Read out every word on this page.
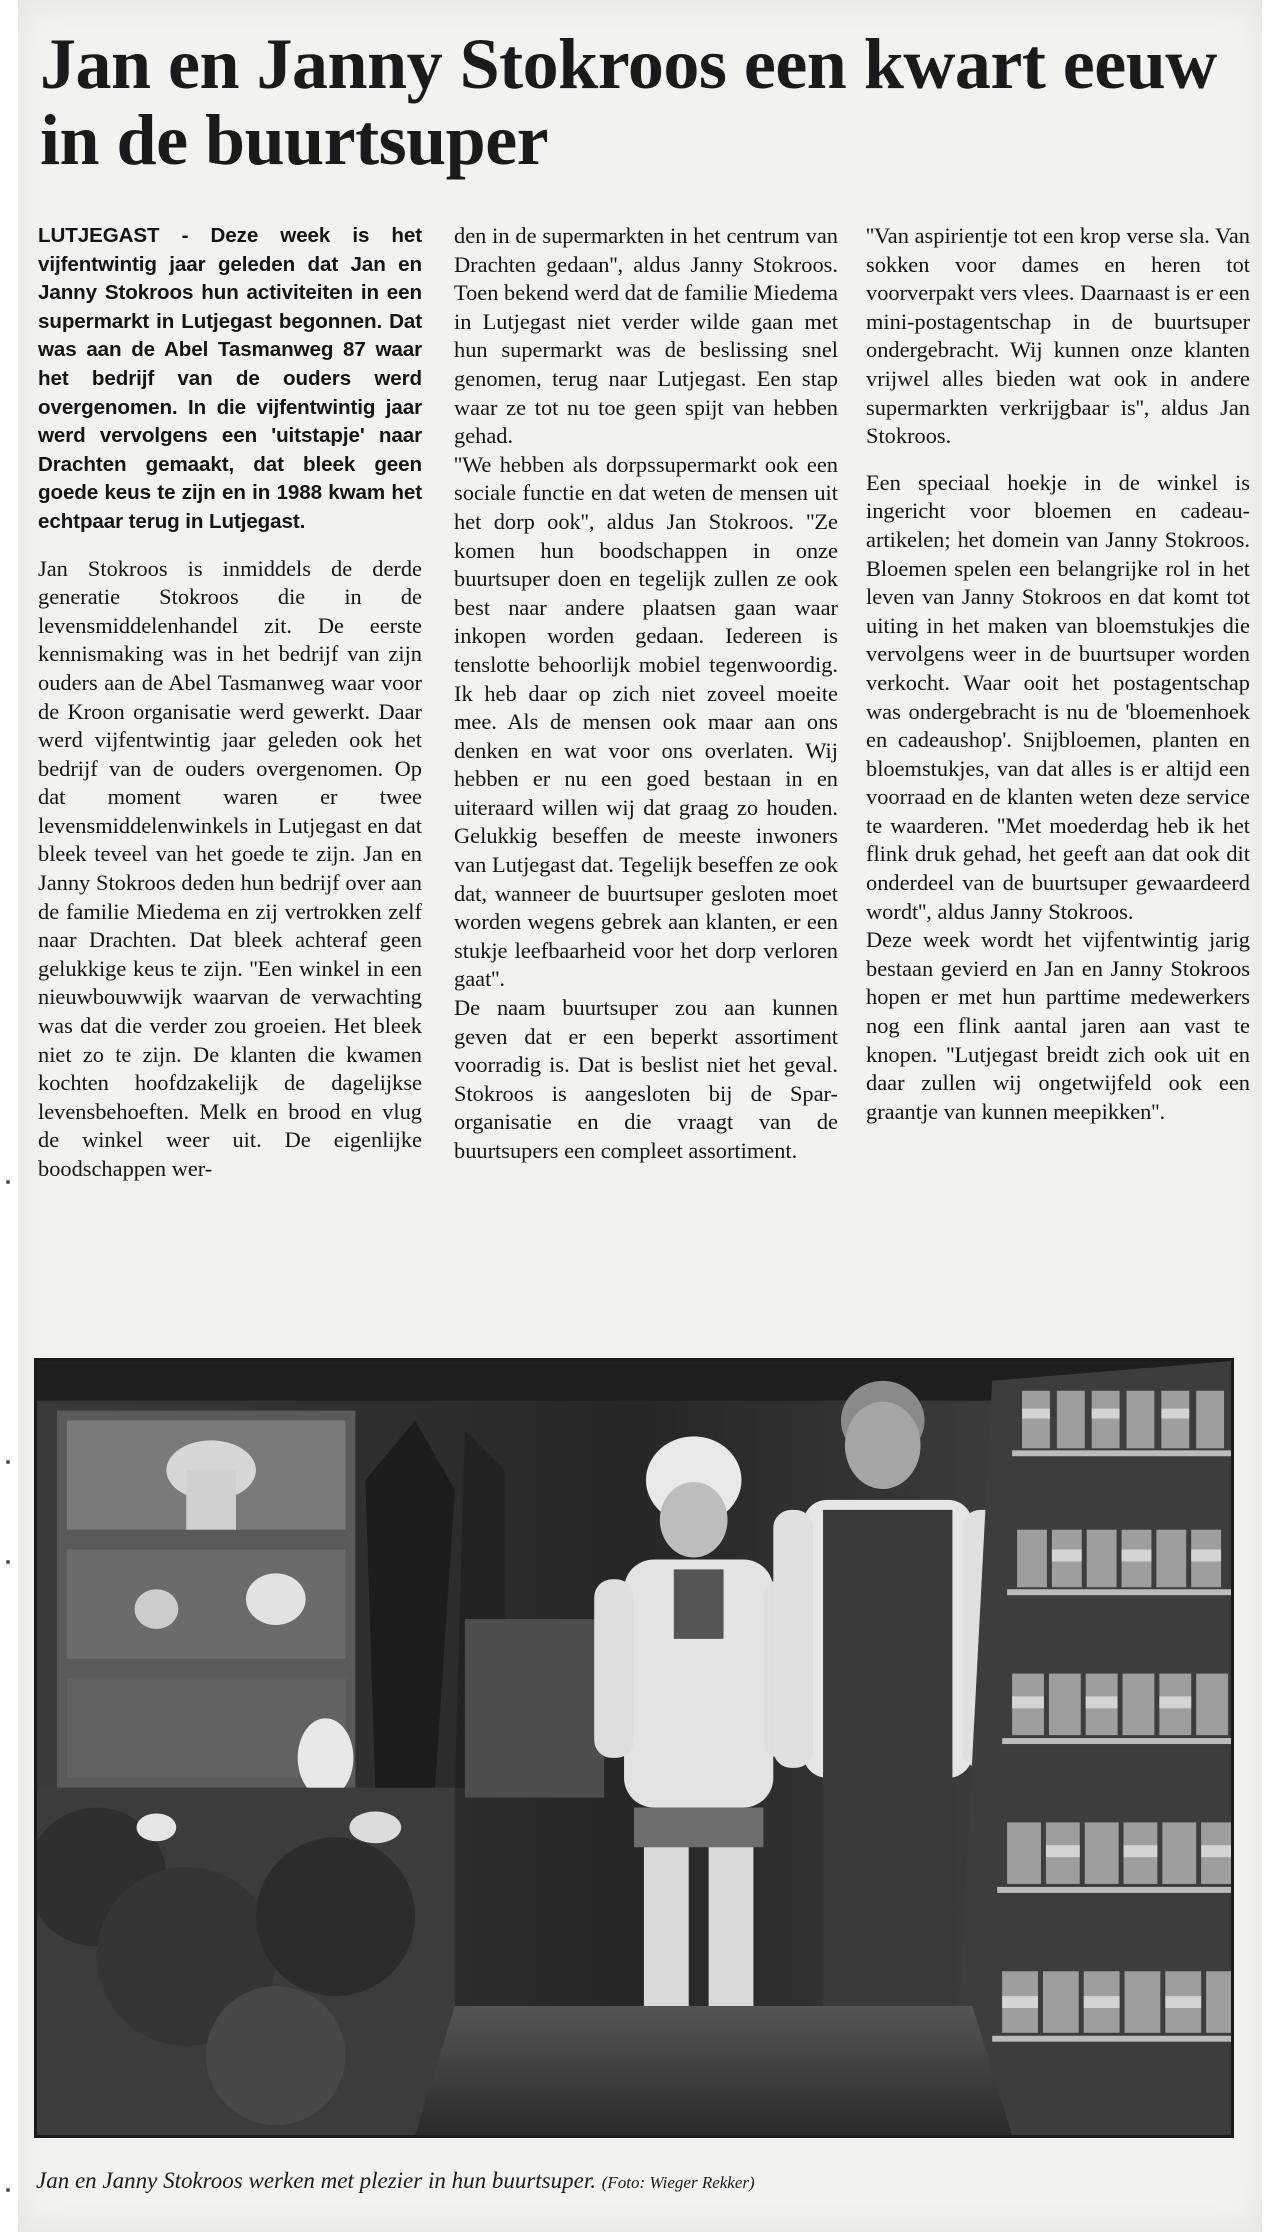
Jan en Janny Stokroos een kwart eeuw in de buurtsuper

LUTJEGAST - Deze week is het vijfentwintig jaar geleden dat Jan en Janny Stokroos hun activiteiten in een supermarkt in Lutjegast begonnen. Dat was aan de Abel Tasmanweg 87 waar het bedrijf van de ouders werd overgenomen. In die vijfentwintig jaar werd vervolgens een 'uitstapje' naar Drachten gemaakt, dat bleek geen goede keus te zijn en in 1988 kwam het echtpaar terug in Lutjegast.

Jan Stokroos is inmiddels de derde generatie Stokroos die in de levensmiddelenhandel zit. De eerste kennismaking was in het bedrijf van zijn ouders aan de Abel Tasmanweg waar voor de Kroon organisatie werd gewerkt. Daar werd vijfentwintig jaar geleden ook het bedrijf van de ouders overgenomen. Op dat moment waren er twee levensmiddelenwinkels in Lutjegast en dat bleek teveel van het goede te zijn. Jan en Janny Stokroos deden hun bedrijf over aan de familie Miedema en zij vertrokken zelf naar Drachten. Dat bleek achteraf geen gelukkige keus te zijn. ''Een winkel in een nieuwbouwwijk waarvan de verwachting was dat die verder zou groeien. Het bleek niet zo te zijn. De klanten die kwamen kochten hoofdzakelijk de dagelijkse levensbehoeften. Melk en brood en vlug de winkel weer uit. De eigenlijke boodschappen wer-

den in de supermarkten in het centrum van Drachten gedaan'', aldus Janny Stokroos. Toen bekend werd dat de familie Miedema in Lutjegast niet verder wilde gaan met hun supermarkt was de beslissing snel genomen, terug naar Lutjegast. Een stap waar ze tot nu toe geen spijt van hebben gehad.

''We hebben als dorpssupermarkt ook een sociale functie en dat weten de mensen uit het dorp ook'', aldus Jan Stokroos. ''Ze komen hun boodschappen in onze buurtsuper doen en tegelijk zullen ze ook best naar andere plaatsen gaan waar inkopen worden gedaan. Iedereen is tenslotte behoorlijk mobiel tegenwoordig. Ik heb daar op zich niet zoveel moeite mee. Als de mensen ook maar aan ons denken en wat voor ons overlaten. Wij hebben er nu een goed bestaan in en uiteraard willen wij dat graag zo houden. Gelukkig beseffen de meeste inwoners van Lutjegast dat. Tegelijk beseffen ze ook dat, wanneer de buurtsuper gesloten moet worden wegens gebrek aan klanten, er een stukje leefbaarheid voor het dorp verloren gaat''.

De naam buurtsuper zou aan kunnen geven dat er een beperkt assortiment voorradig is. Dat is beslist niet het geval. Stokroos is aangesloten bij de Spar-organisatie en die vraagt van de buurtsupers een compleet assortiment.

''Van aspirientje tot een krop verse sla. Van sokken voor dames en heren tot voorverpakt vers vlees. Daarnaast is er een mini-postagentschap in de buurtsuper ondergebracht. Wij kunnen onze klanten vrijwel alles bieden wat ook in andere supermarkten verkrijgbaar is'', aldus Jan Stokroos.

Een speciaal hoekje in de winkel is ingericht voor bloemen en cadeau-artikelen; het domein van Janny Stokroos. Bloemen spelen een belangrijke rol in het leven van Janny Stokroos en dat komt tot uiting in het maken van bloemstukjes die vervolgens weer in de buurtsuper worden verkocht. Waar ooit het postagentschap was ondergebracht is nu de 'bloemenhoek en cadeaushop'. Snijbloemen, planten en bloemstukjes, van dat alles is er altijd een voorraad en de klanten weten deze service te waarderen. ''Met moederdag heb ik het flink druk gehad, het geeft aan dat ook dit onderdeel van de buurtsuper gewaardeerd wordt'', aldus Janny Stokroos.

Deze week wordt het vijfentwintig jarig bestaan gevierd en Jan en Janny Stokroos hopen er met hun parttime medewerkers nog een flink aantal jaren aan vast te knopen. ''Lutjegast breidt zich ook uit en daar zullen wij ongetwijfeld ook een graantje van kunnen meepikken''.

Jan en Janny Stokroos werken met plezier in hun buurtsuper. (Foto: Wieger Rekker)
